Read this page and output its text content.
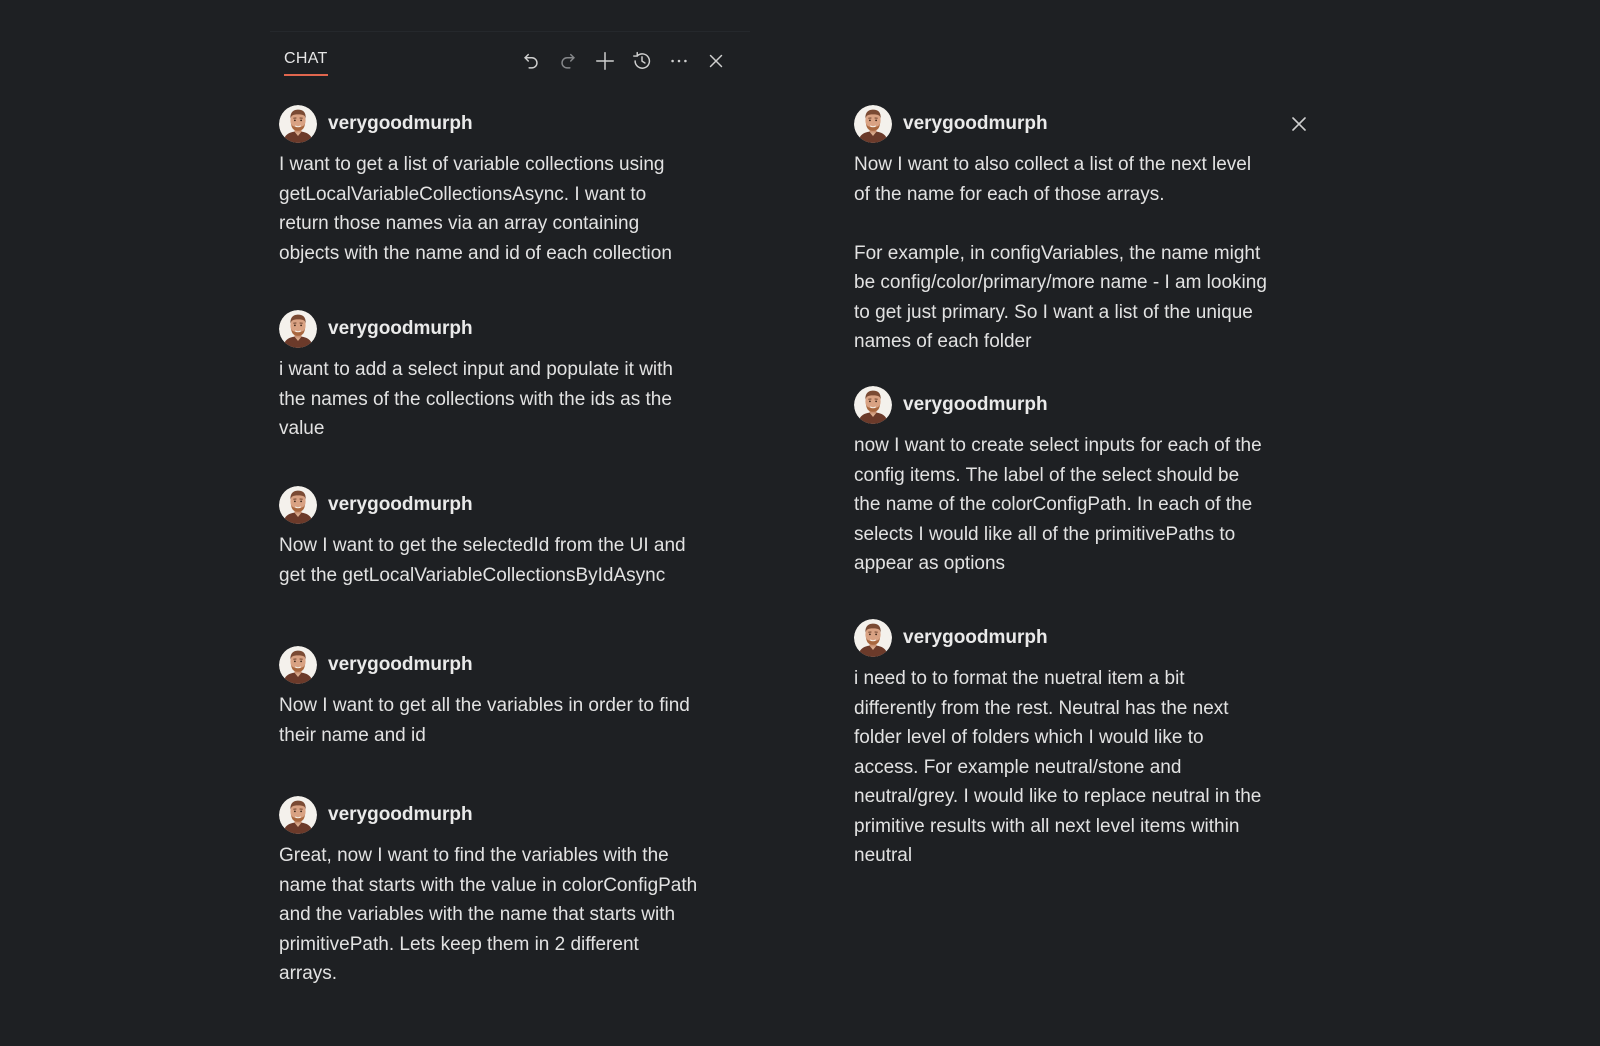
CHAT
verygoodmurph
I want to get a list of variable collections using
getLocalVariableCollectionsAsync. I want to
return those names via an array containing
objects with the name and id of each collection
verygoodmurph
i want to add a select input and populate it with
the names of the collections with the ids as the
value
verygoodmurph
Now I want to get the selectedId from the UI and
get the getLocalVariableCollectionsByIdAsync
verygoodmurph
Now I want to get all the variables in order to find
their name and id
verygoodmurph
Great, now I want to find the variables with the
name that starts with the value in colorConfigPath
and the variables with the name that starts with
primitivePath. Lets keep them in 2 different
arrays.
verygoodmurph
Now I want to also collect a list of the next level
of the name for each of those arrays.

For example, in configVariables, the name might
be config/color/primary/more name - I am looking
to get just primary. So I want a list of the unique
names of each folder
verygoodmurph
now I want to create select inputs for each of the
config items. The label of the select should be
the name of the colorConfigPath. In each of the
selects I would like all of the primitivePaths to
appear as options
verygoodmurph
i need to to format the nuetral item a bit
differently from the rest. Neutral has the next
folder level of folders which I would like to
access. For example neutral/stone and
neutral/grey. I would like to replace neutral in the
primitive results with all next level items within
neutral
